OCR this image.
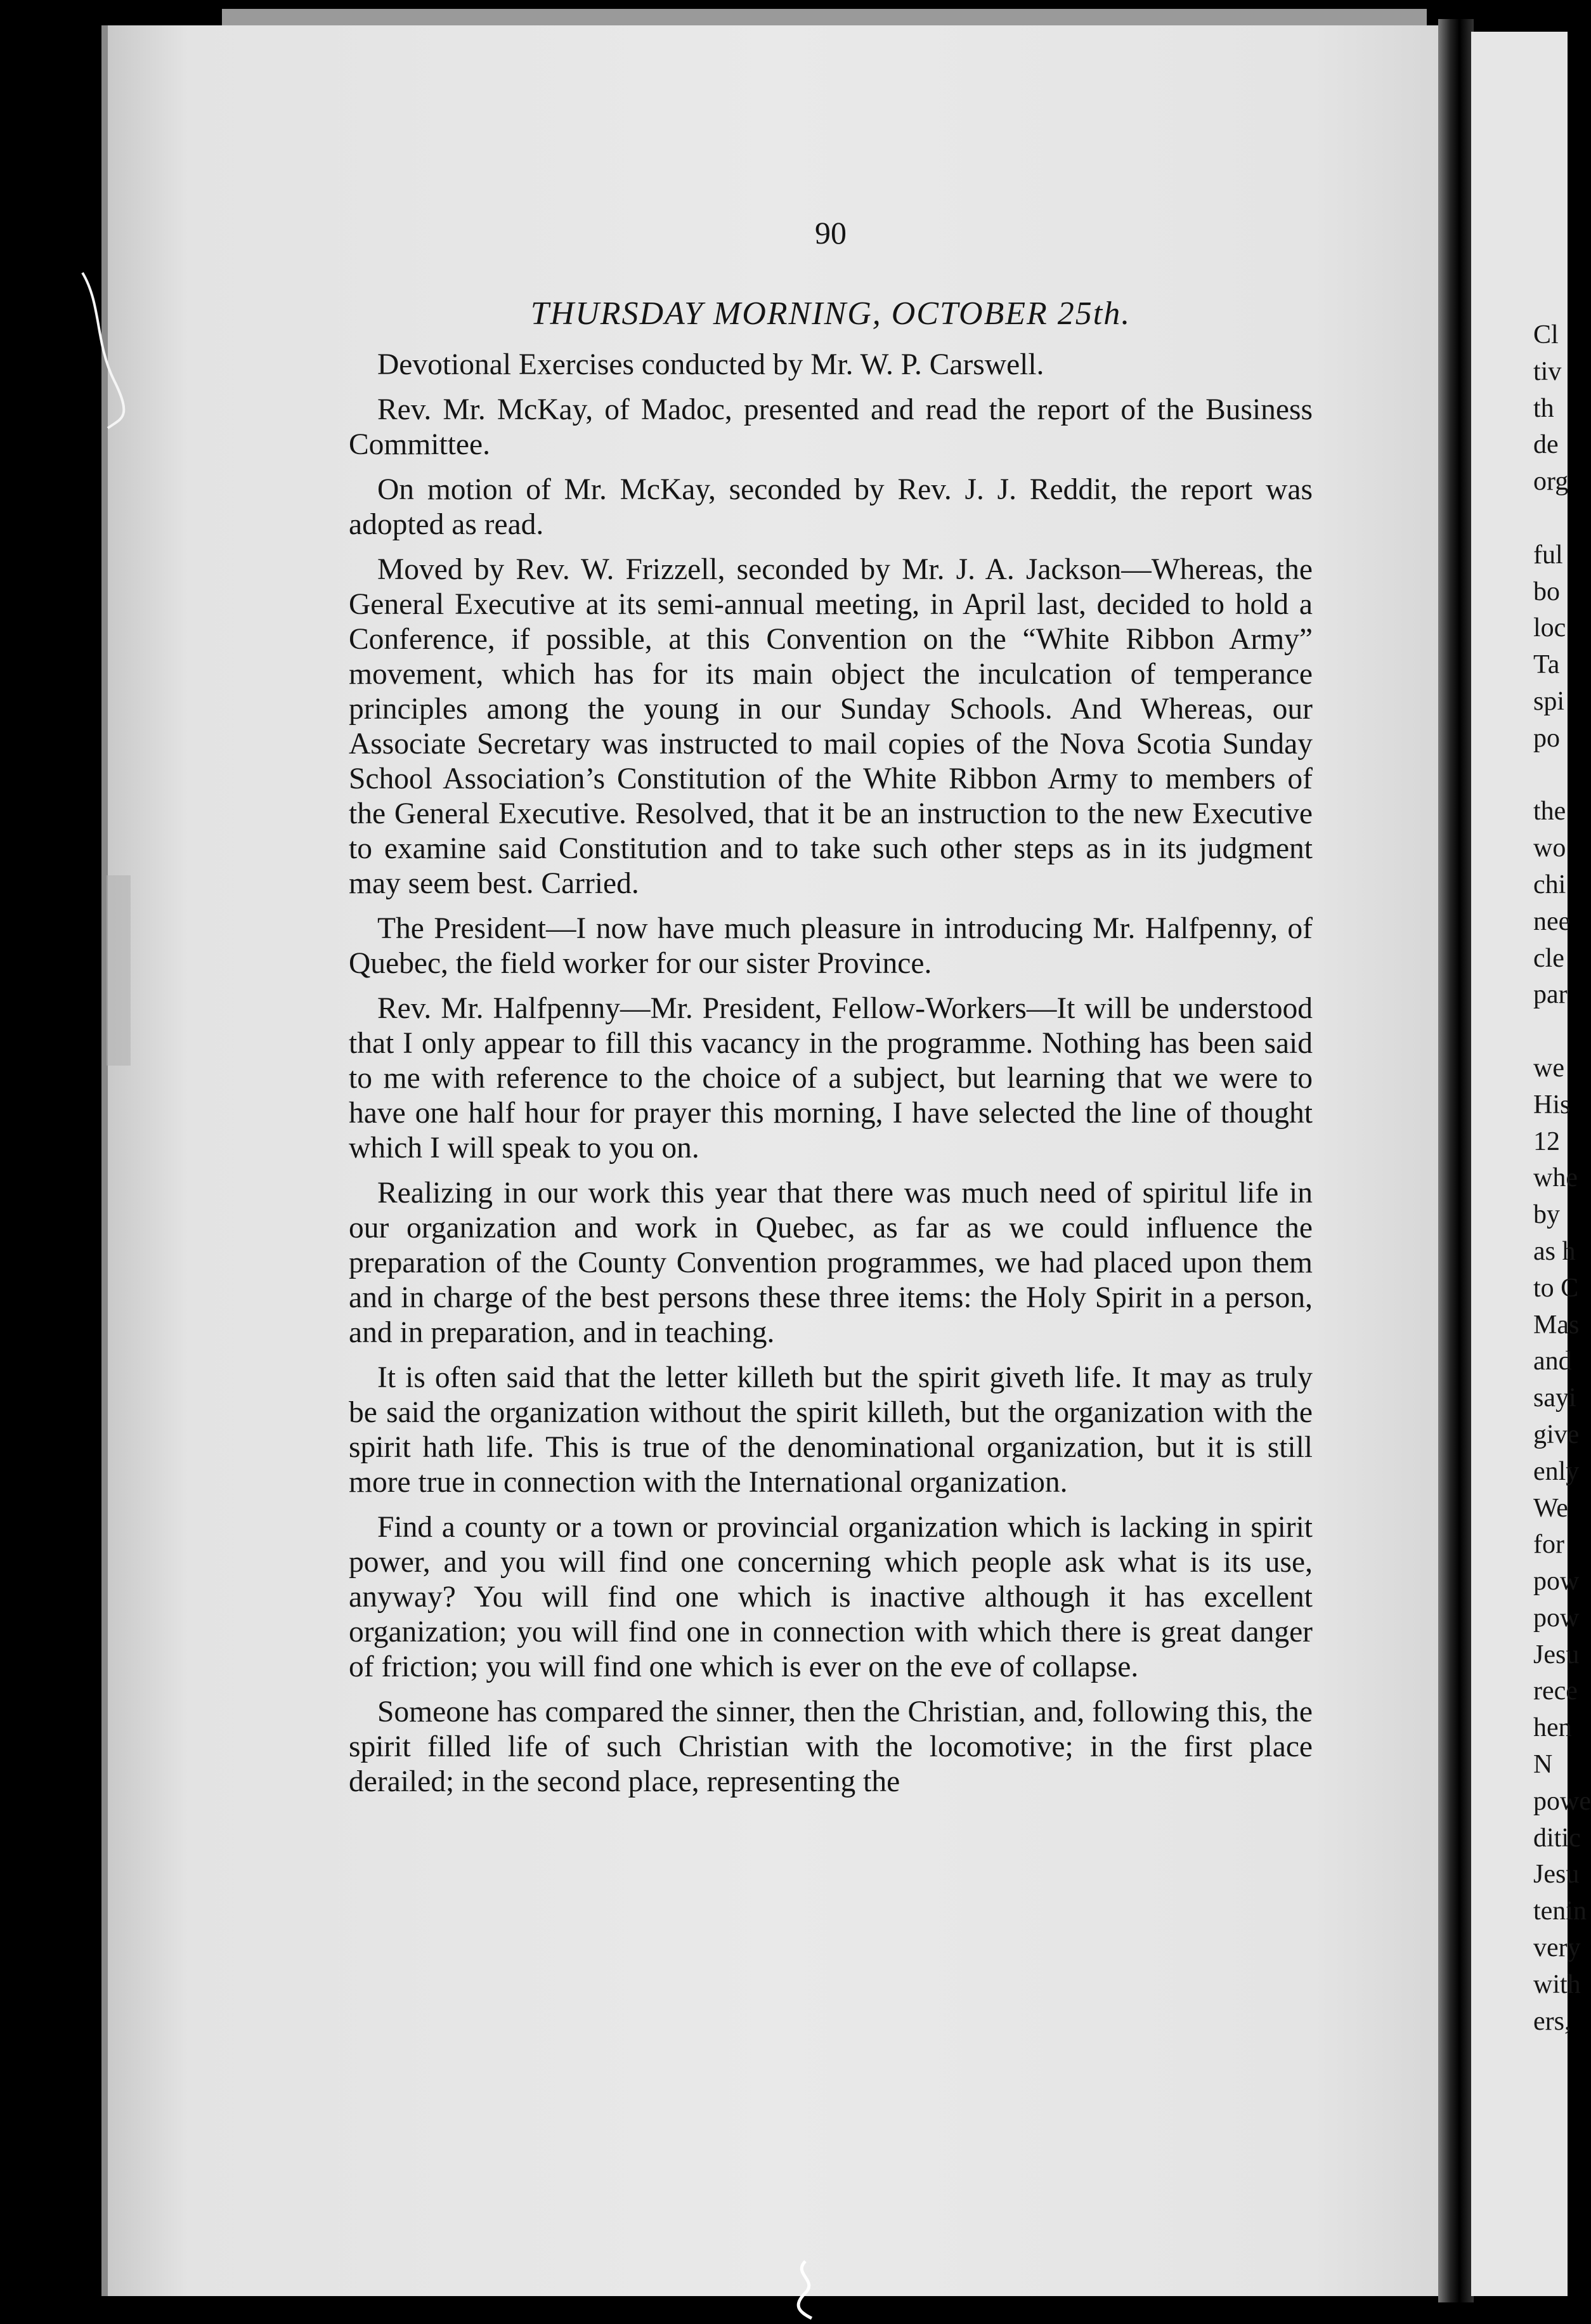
90
THURSDAY MORNING, OCTOBER 25th.

Devotional Exercises conducted by Mr. W. P. Carswell.

Rev. Mr. McKay, of Madoc, presented and read the report of the Business Committee.

On motion of Mr. McKay, seconded by Rev. J. J. Reddit, the report was adopted as read.

Moved by Rev. W. Frizzell, seconded by Mr. J. A. Jackson—Whereas, the General Executive at its semi-annual meeting, in April last, decided to hold a Conference, if possible, at this Convention on the “White Ribbon Army” movement, which has for its main object the inculcation of temperance principles among the young in our Sunday Schools. And Whereas, our Associate Secretary was instructed to mail copies of the Nova Scotia Sunday School Association’s Constitution of the White Ribbon Army to members of the General Executive. Resolved, that it be an instruction to the new Executive to examine said Constitution and to take such other steps as in its judgment may seem best. Carried.

The President—I now have much pleasure in introducing Mr. Halfpenny, of Quebec, the field worker for our sister Province.

Rev. Mr. Halfpenny—Mr. President, Fellow-Workers—It will be understood that I only appear to fill this vacancy in the programme. Nothing has been said to me with reference to the choice of a subject, but learning that we were to have one half hour for prayer this morning, I have selected the line of thought which I will speak to you on.

Realizing in our work this year that there was much need of spiritul life in our organization and work in Quebec, as far as we could influence the preparation of the County Convention programmes, we had placed upon them and in charge of the best persons these three items: the Holy Spirit in a person, and in preparation, and in teaching.

It is often said that the letter killeth but the spirit giveth life. It may as truly be said the organization without the spirit killeth, but the organization with the spirit hath life. This is true of the denominational organization, but it is still more true in connection with the International organization.

Find a county or a town or provincial organization which is lacking in spirit power, and you will find one concerning which people ask what is its use, anyway? You will find one which is inactive although it has excellent organization; you will find one in connection with which there is great danger of friction; you will find one which is ever on the eve of collapse.

Someone has compared the sinner, then the Christian, and, following this, the spirit filled life of such Christian with the locomotive; in the first place derailed; in the second place, representing the

Cl
tiv
th
de
org
ful
bo
loc
Ta
spi
po
the
wo
chi
nee
cle
par
we
His
12
whe
by
as h
to C
Mas
and
sayi
give
enly
We
for
pow
pow
Jesu
rece
hen
N
powe
ditic
Jesu
tenin
very
with
ers,
